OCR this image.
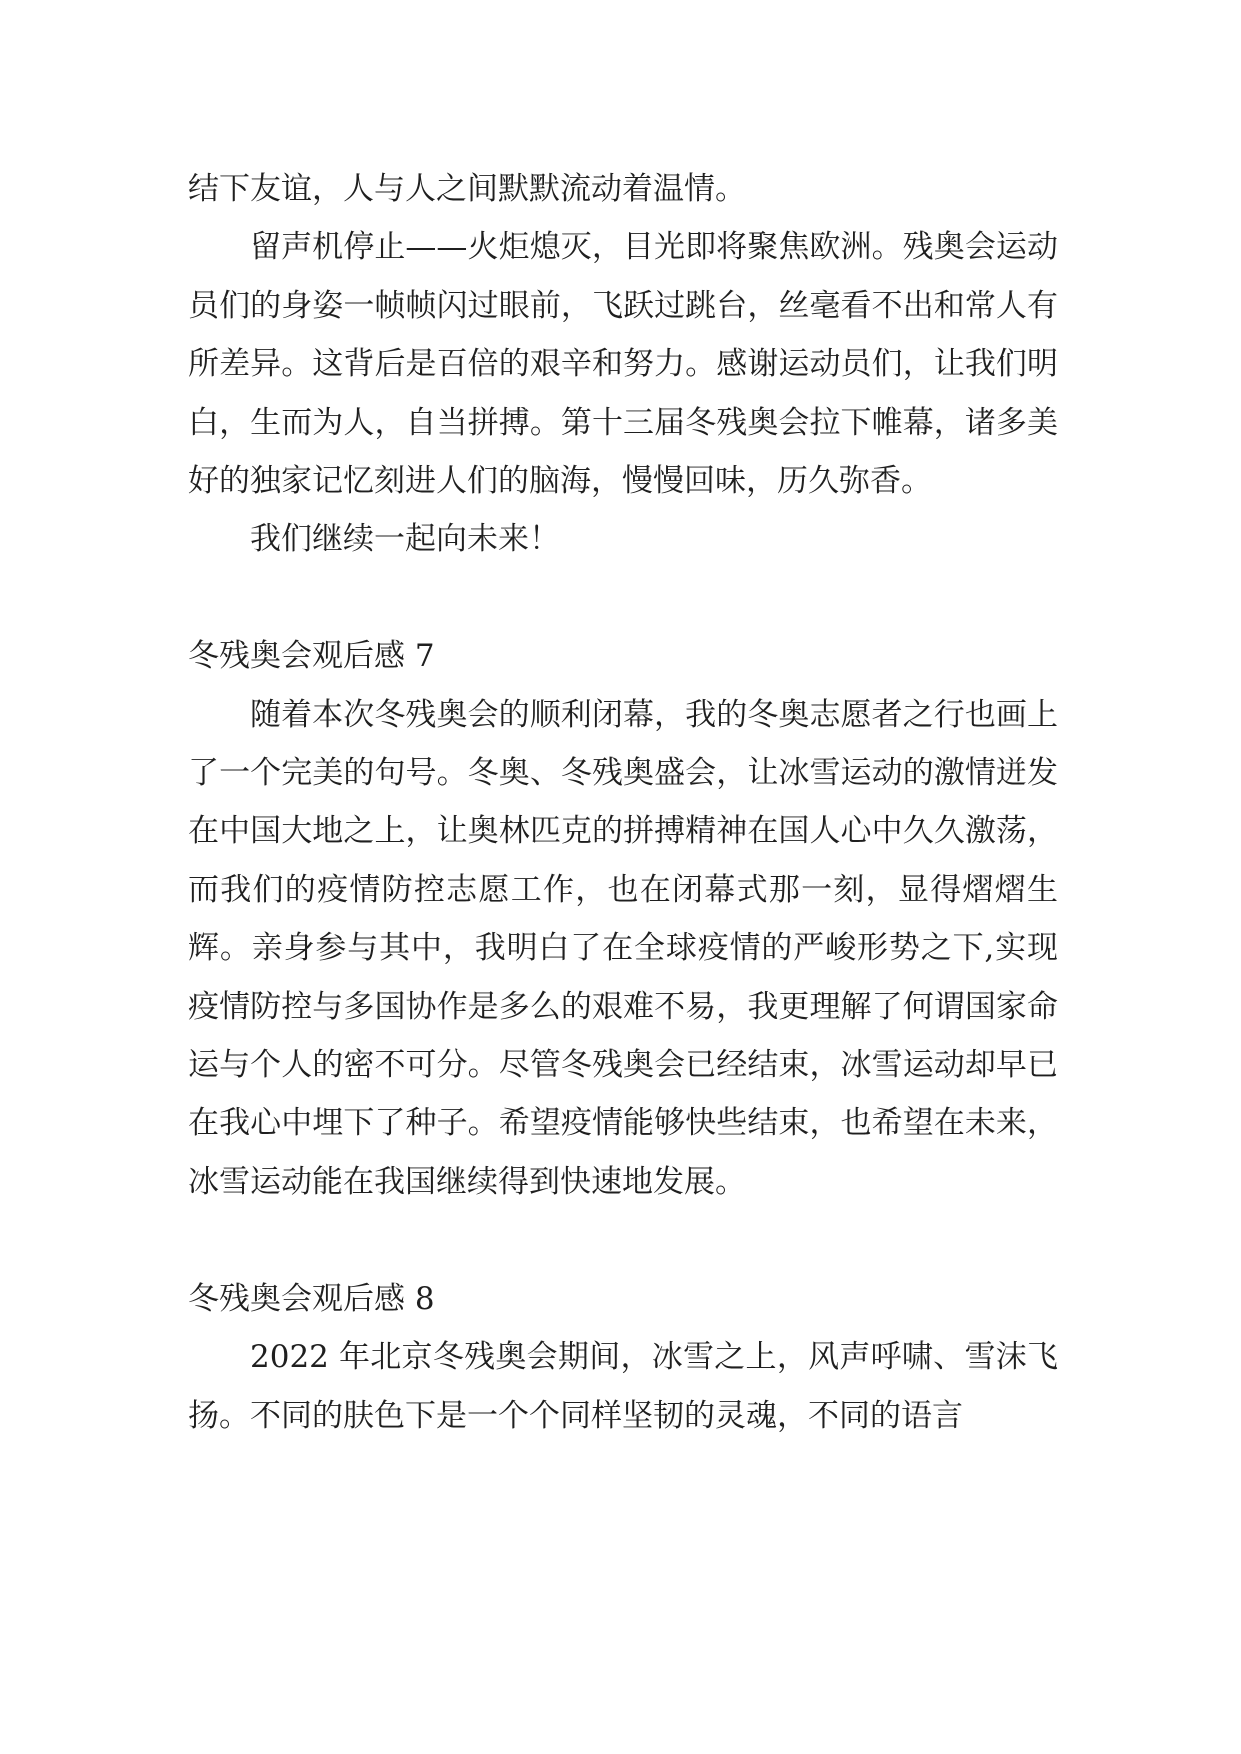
结下友谊，人与人之间默默流动着温情。

留声机停止——火炬熄灭，目光即将聚焦欧洲。残奥会运动员们的身姿一帧帧闪过眼前，飞跃过跳台，丝毫看不出和常人有所差异。这背后是百倍的艰辛和努力。感谢运动员们，让我们明白，生而为人，自当拼搏。第十三届冬残奥会拉下帷幕，诸多美好的独家记忆刻进人们的脑海，慢慢回味，历久弥香。

我们继续一起向未来！

冬残奥会观后感 7

随着本次冬残奥会的顺利闭幕，我的冬奥志愿者之行也画上了一个完美的句号。冬奥、冬残奥盛会，让冰雪运动的激情迸发在中国大地之上，让奥林匹克的拼搏精神在国人心中久久激荡，而我们的疫情防控志愿工作，也在闭幕式那一刻，显得熠熠生辉。亲身参与其中，我明白了在全球疫情的严峻形势之下,实现疫情防控与多国协作是多么的艰难不易，我更理解了何谓国家命运与个人的密不可分。尽管冬残奥会已经结束，冰雪运动却早已在我心中埋下了种子。希望疫情能够快些结束，也希望在未来，冰雪运动能在我国继续得到快速地发展。

冬残奥会观后感 8

2022 年北京冬残奥会期间，冰雪之上，风声呼啸、雪沫飞扬。不同的肤色下是一个个同样坚韧的灵魂，不同的语言
